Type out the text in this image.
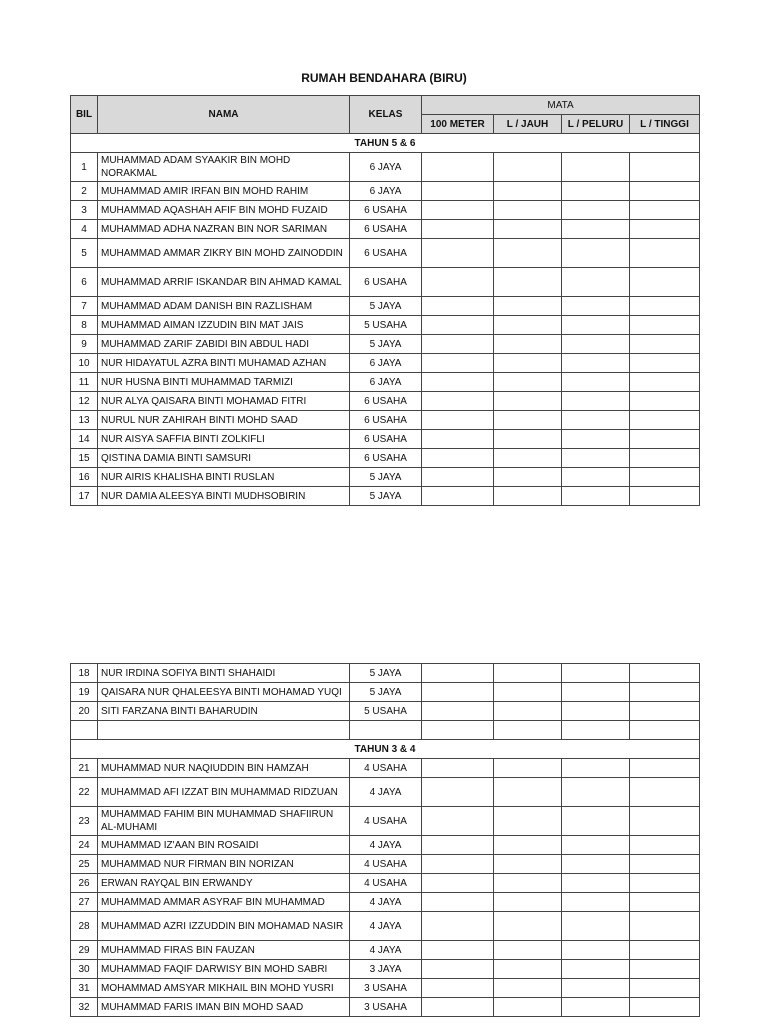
RUMAH BENDAHARA (BIRU)
BIL	NAMA	KELAS	MATA			
			100 METER	L / JAUH	L / PELURU	L / TINGGI
TAHUN 5 & 6						
1	MUHAMMAD ADAM SYAAKIR BIN MOHD NORAKMAL	6 JAYA				
2	MUHAMMAD AMIR IRFAN BIN MOHD RAHIM	6 JAYA				
3	MUHAMMAD AQASHAH AFIF BIN MOHD FUZAID	6 USAHA				
4	MUHAMMAD ADHA NAZRAN BIN NOR SARIMAN	6 USAHA				
5	MUHAMMAD AMMAR ZIKRY BIN MOHD ZAINODDIN	6 USAHA				
6	MUHAMMAD ARRIF ISKANDAR BIN AHMAD KAMAL	6 USAHA				
7	MUHAMMAD ADAM DANISH BIN RAZLISHAM	5 JAYA				
8	MUHAMMAD AIMAN IZZUDIN BIN MAT JAIS	5 USAHA				
9	MUHAMMAD ZARIF ZABIDI BIN ABDUL HADI	5 JAYA				
10	NUR HIDAYATUL AZRA BINTI MUHAMAD AZHAN	6 JAYA				
11	NUR HUSNA BINTI MUHAMMAD TARMIZI	6 JAYA				
12	NUR ALYA QAISARA BINTI MOHAMAD FITRI	6 USAHA				
13	NURUL NUR ZAHIRAH BINTI MOHD SAAD	6 USAHA				
14	NUR AISYA SAFFIA BINTI ZOLKIFLI	6 USAHA				
15	QISTINA DAMIA BINTI SAMSURI	6 USAHA				
16	NUR AIRIS KHALISHA BINTI RUSLAN	5 JAYA				
17	NUR DAMIA ALEESYA BINTI MUDHSOBIRIN	5 JAYA				
18	NUR IRDINA SOFIYA BINTI SHAHAIDI	5 JAYA				
19	QAISARA NUR QHALEESYA BINTI MOHAMAD YUQI	5 JAYA				
20	SITI FARZANA BINTI BAHARUDIN	5 USAHA				

TAHUN 3 & 4						
21	MUHAMMAD NUR NAQIUDDIN BIN HAMZAH	4 USAHA				
22	MUHAMMAD AFI IZZAT BIN MUHAMMAD RIDZUAN	4 JAYA				
23	MUHAMMAD FAHIM BIN MUHAMMAD SHAFIIRUN AL-MUHAMI	4 USAHA				
24	MUHAMMAD IZ'AAN BIN ROSAIDI	4 JAYA				
25	MUHAMMAD NUR FIRMAN BIN NORIZAN	4 USAHA				
26	ERWAN RAYQAL BIN ERWANDY	4 USAHA				
27	MUHAMMAD AMMAR ASYRAF BIN MUHAMMAD	4 JAYA				
28	MUHAMMAD AZRI IZZUDDIN BIN MOHAMAD NASIR	4 JAYA				
29	MUHAMMAD FIRAS BIN FAUZAN	4 JAYA				
30	MUHAMMAD FAQIF DARWISY BIN MOHD SABRI	3 JAYA				
31	MOHAMMAD AMSYAR MIKHAIL BIN MOHD YUSRI	3 USAHA				
32	MUHAMMAD FARIS IMAN BIN MOHD SAAD	3 USAHA				
